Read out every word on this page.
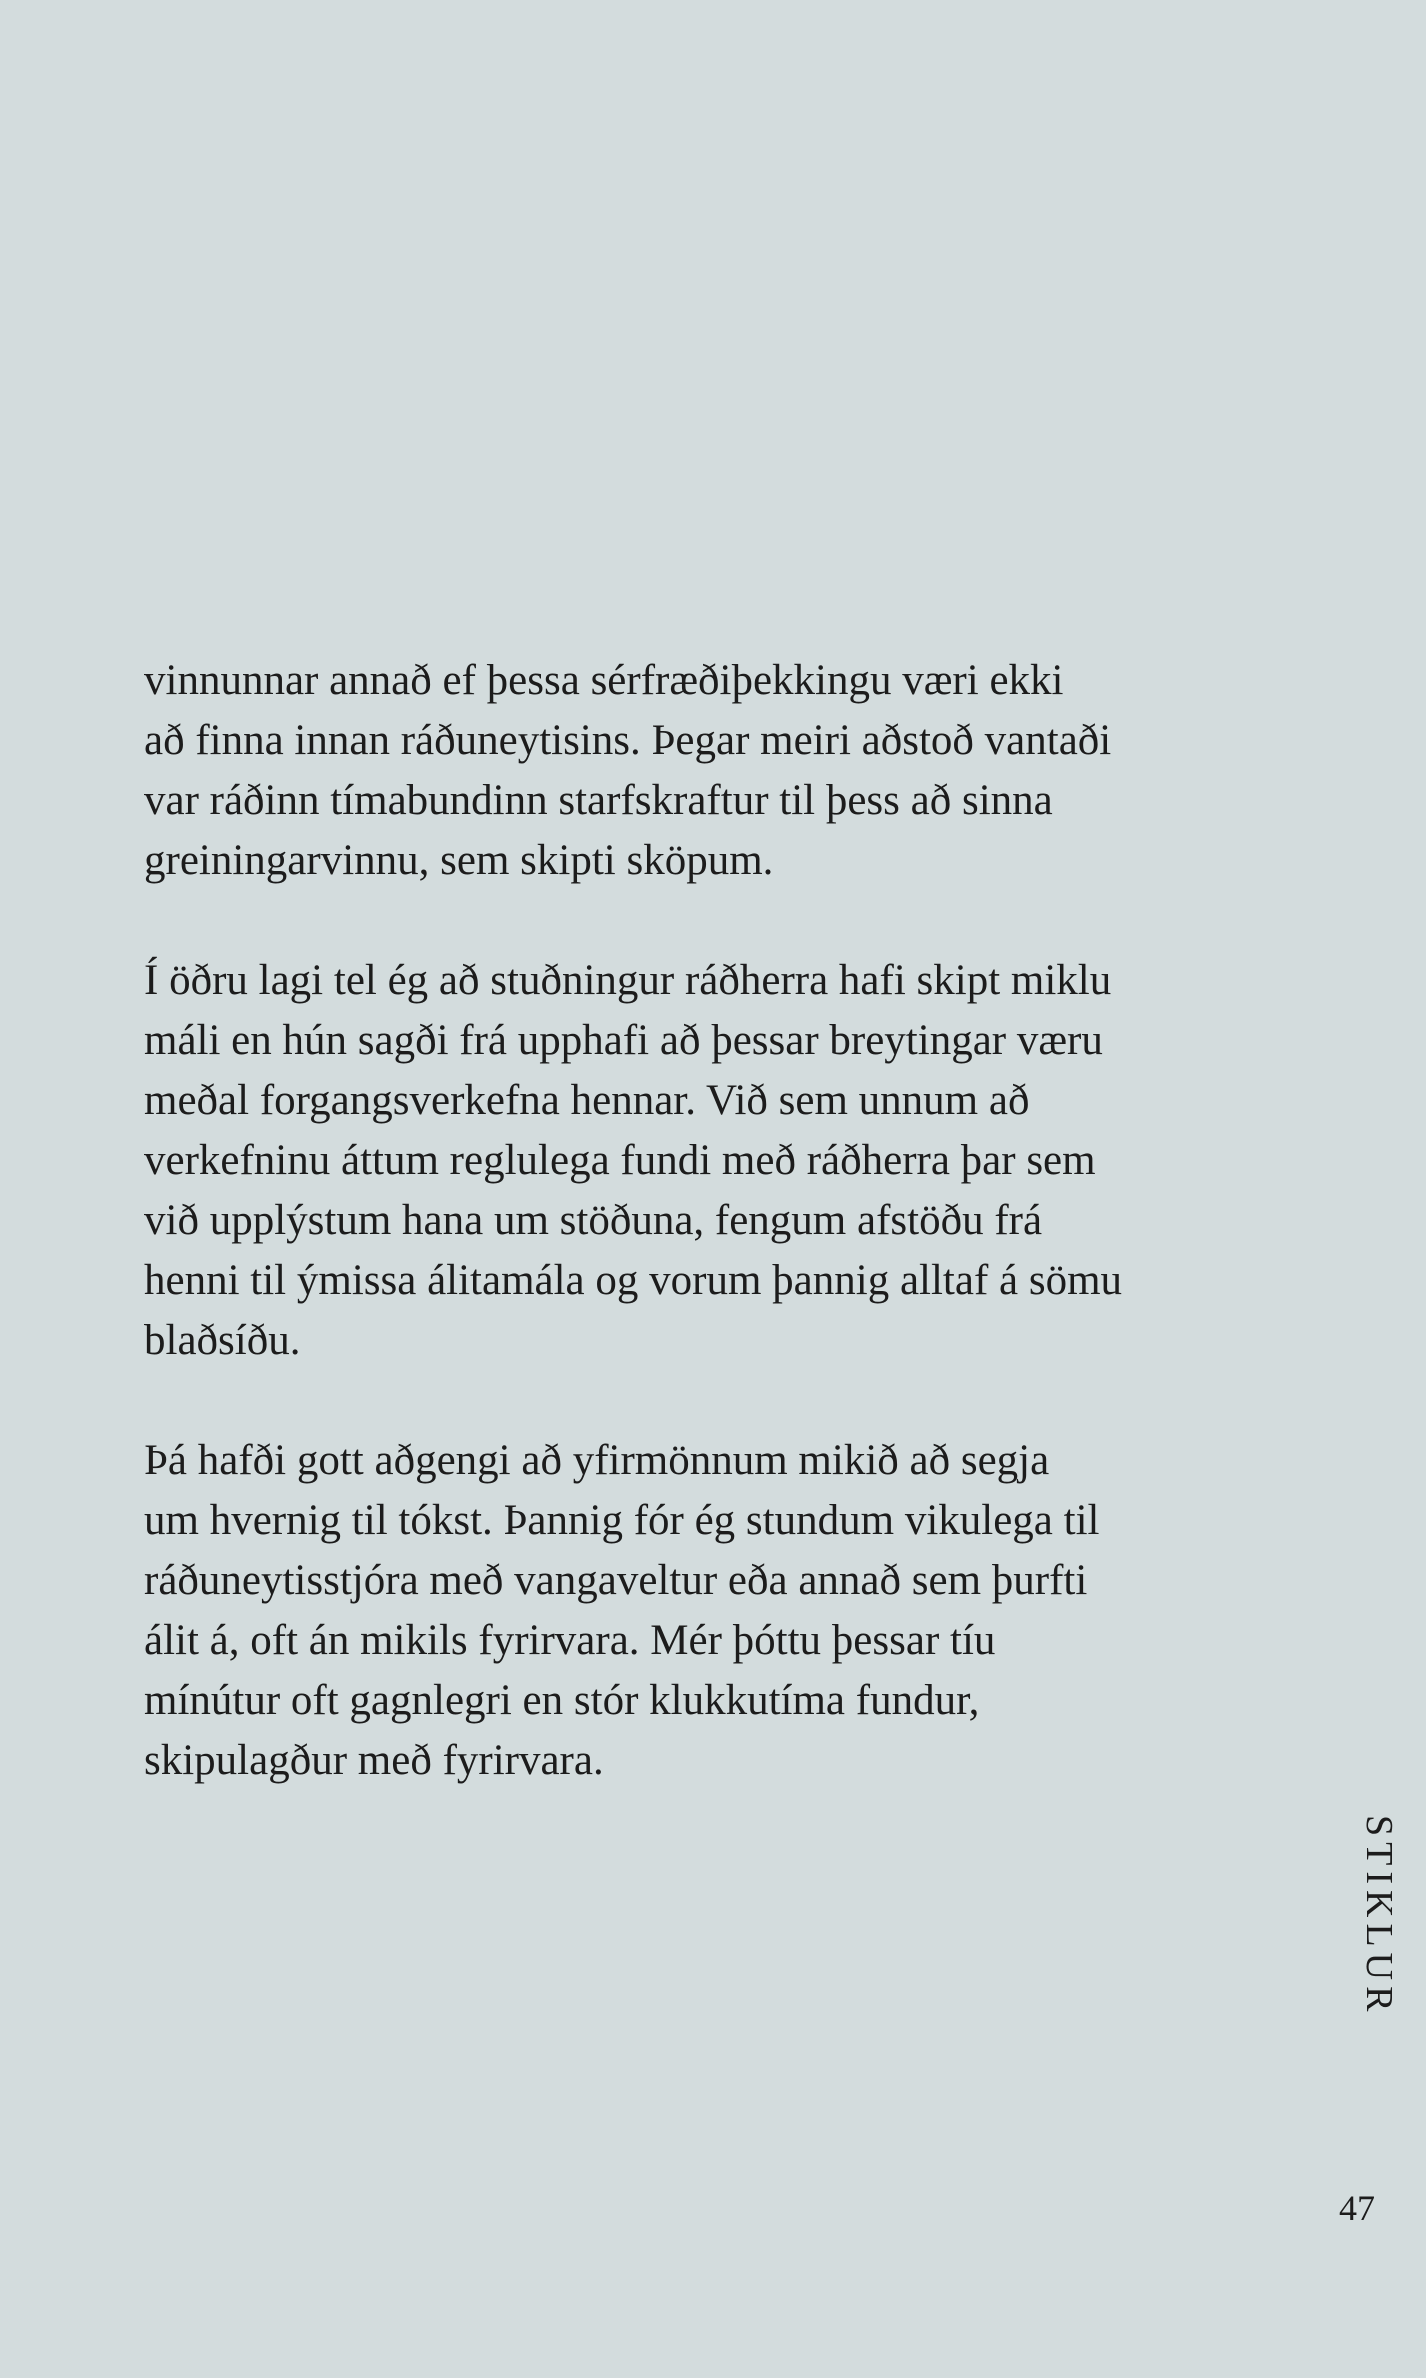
vinnunnar annað ef þessa sérfræðiþekkingu væri ekki
að finna innan ráðuneytisins. Þegar meiri aðstoð vantaði
var ráðinn tímabundinn starfskraftur til þess að sinna
greiningarvinnu, sem skipti sköpum.

Í öðru lagi tel ég að stuðningur ráðherra hafi skipt miklu
máli en hún sagði frá upphafi að þessar breytingar væru
meðal forgangsverkefna hennar. Við sem unnum að
verkefninu áttum reglulega fundi með ráðherra þar sem
við upplýstum hana um stöðuna, fengum afstöðu frá
henni til ýmissa álitamála og vorum þannig alltaf á sömu
blaðsíðu.

Þá hafði gott aðgengi að yfirmönnum mikið að segja
um hvernig til tókst. Þannig fór ég stundum vikulega til
ráðuneytisstjóra með vangaveltur eða annað sem þurfti
álit á, oft án mikils fyrirvara. Mér þóttu þessar tíu
mínútur oft gagnlegri en stór klukkutíma fundur,
skipulagður með fyrirvara.

STIKLUR
47
